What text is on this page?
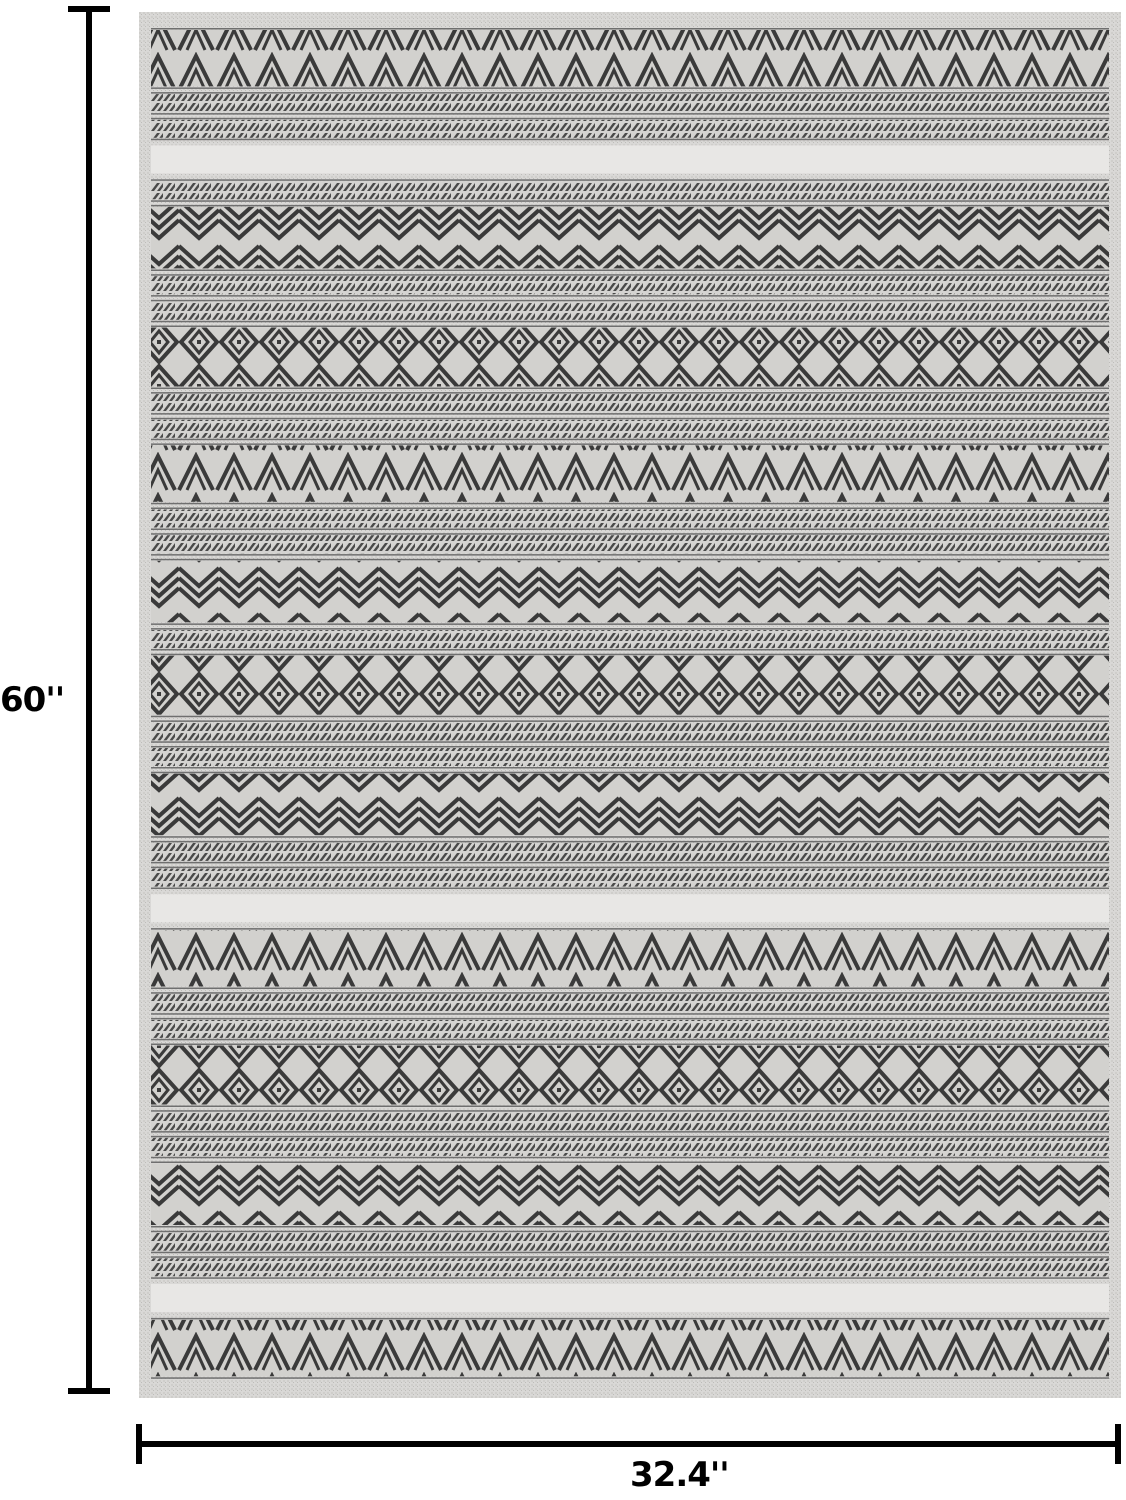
60''
32.4''
